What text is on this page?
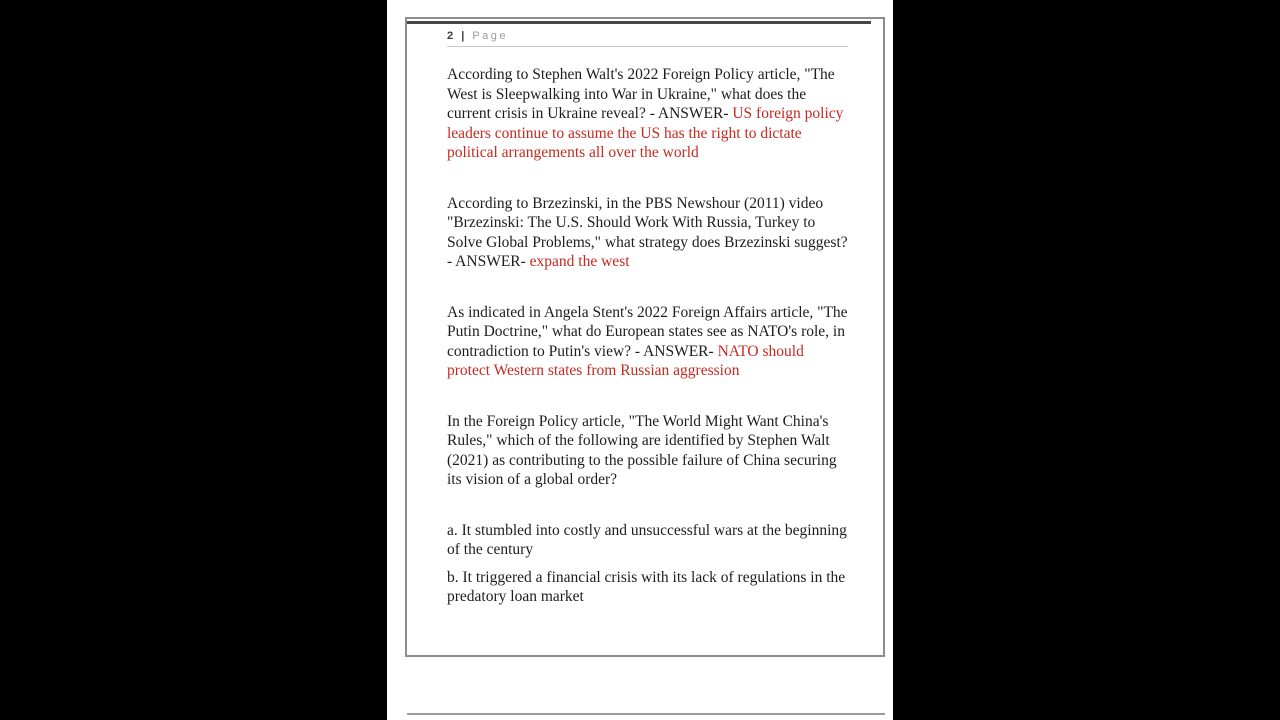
2 | Page

According to Stephen Walt's 2022 Foreign Policy article, "The West is Sleepwalking into War in Ukraine," what does the current crisis in Ukraine reveal? - ANSWER- US foreign policy leaders continue to assume the US has the right to dictate political arrangements all over the world

According to Brzezinski, in the PBS Newshour (2011) video "Brzezinski: The U.S. Should Work With Russia, Turkey to Solve Global Problems," what strategy does Brzezinski suggest? - ANSWER- expand the west

As indicated in Angela Stent's 2022 Foreign Affairs article, "The Putin Doctrine," what do European states see as NATO's role, in contradiction to Putin's view? - ANSWER- NATO should protect Western states from Russian aggression

In the Foreign Policy article, "The World Might Want China's Rules," which of the following are identified by Stephen Walt (2021) as contributing to the possible failure of China securing its vision of a global order?

a. It stumbled into costly and unsuccessful wars at the beginning of the century

b. It triggered a financial crisis with its lack of regulations in the predatory loan market
